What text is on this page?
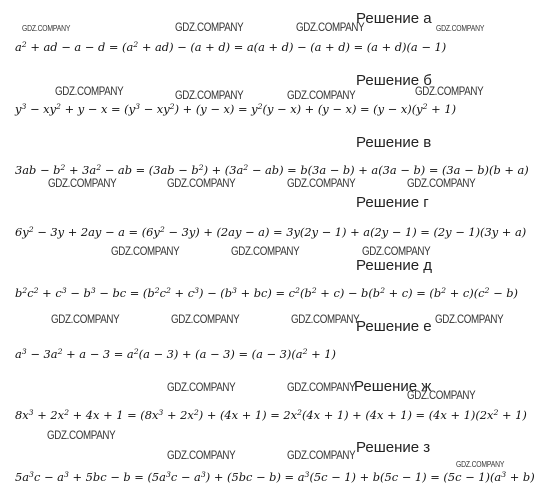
GDZ.COMPANY	GDZ.COMPANY	GDZ.COMPANY	GDZ.COMPANY
GDZ.COMPANY	GDZ.COMPANY	GDZ.COMPANY	GDZ.COMPANY
GDZ.COMPANY	GDZ.COMPANY	GDZ.COMPANY	GDZ.COMPANY
GDZ.COMPANY	GDZ.COMPANY	GDZ.COMPANY
GDZ.COMPANY	GDZ.COMPANY	GDZ.COMPANY	GDZ.COMPANY
GDZ.COMPANY	GDZ.COMPANY
GDZ.COMPANY
GDZ.COMPANY
GDZ.COMPANY	GDZ.COMPANY
GDZ.COMPANY
Решение а
$a^2$ + ad − $a - d = (a^2 + ad) - (a + d) = a(a + d) - (a + d) = (a + d)(a - 1)$
Решение б
$y^3 - xy^2 + y - x = (y^3 - xy^2) + (y - x) = y^2(y - x) + (y - x) = (y - x)(y^2 + 1)$
Решение в
$3ab - b^2 + 3a^2$ − ab = $(3ab - b^2) + (3a^2 - ab) = b(3a - b) + a(3a - b) = (3a - b)(b + a)$
Решение г
$6y^2 - 3y + 2ay - a = (6y^2 - 3y) + (2ay - a) = 3y(2y - 1) + a(2y - 1) = (2y - 1)(3y + a)$
Решение д
$b^2c^2 + c^3 - b^3$ − bc = $(b^2c^2 + c^3) - (b^3 + bc) = c^2(b^2 + c) - b(b^2 + c) = (b^2 + c)(c^2 - b)$
Решение е
$a^3 - 3a^2 + a - 3 = a^2(a - 3) + (a - 3) = (a - 3)(a^2 + 1)$
Решение ж
$8x^3 + 2x^2 + 4x + 1 = (8x^3 + 2x^2) + (4x + 1) = 2x^2(4x + 1) + (4x + 1) = (4x + 1)(2x^2 + 1)$
Решение з
$5a^3c - a^3 + 5bc - b = (5a^3c - a^3) + (5bc - b) = a^3(5c - 1) + b(5c - 1) = (5c - 1)(a^3 + b)$
